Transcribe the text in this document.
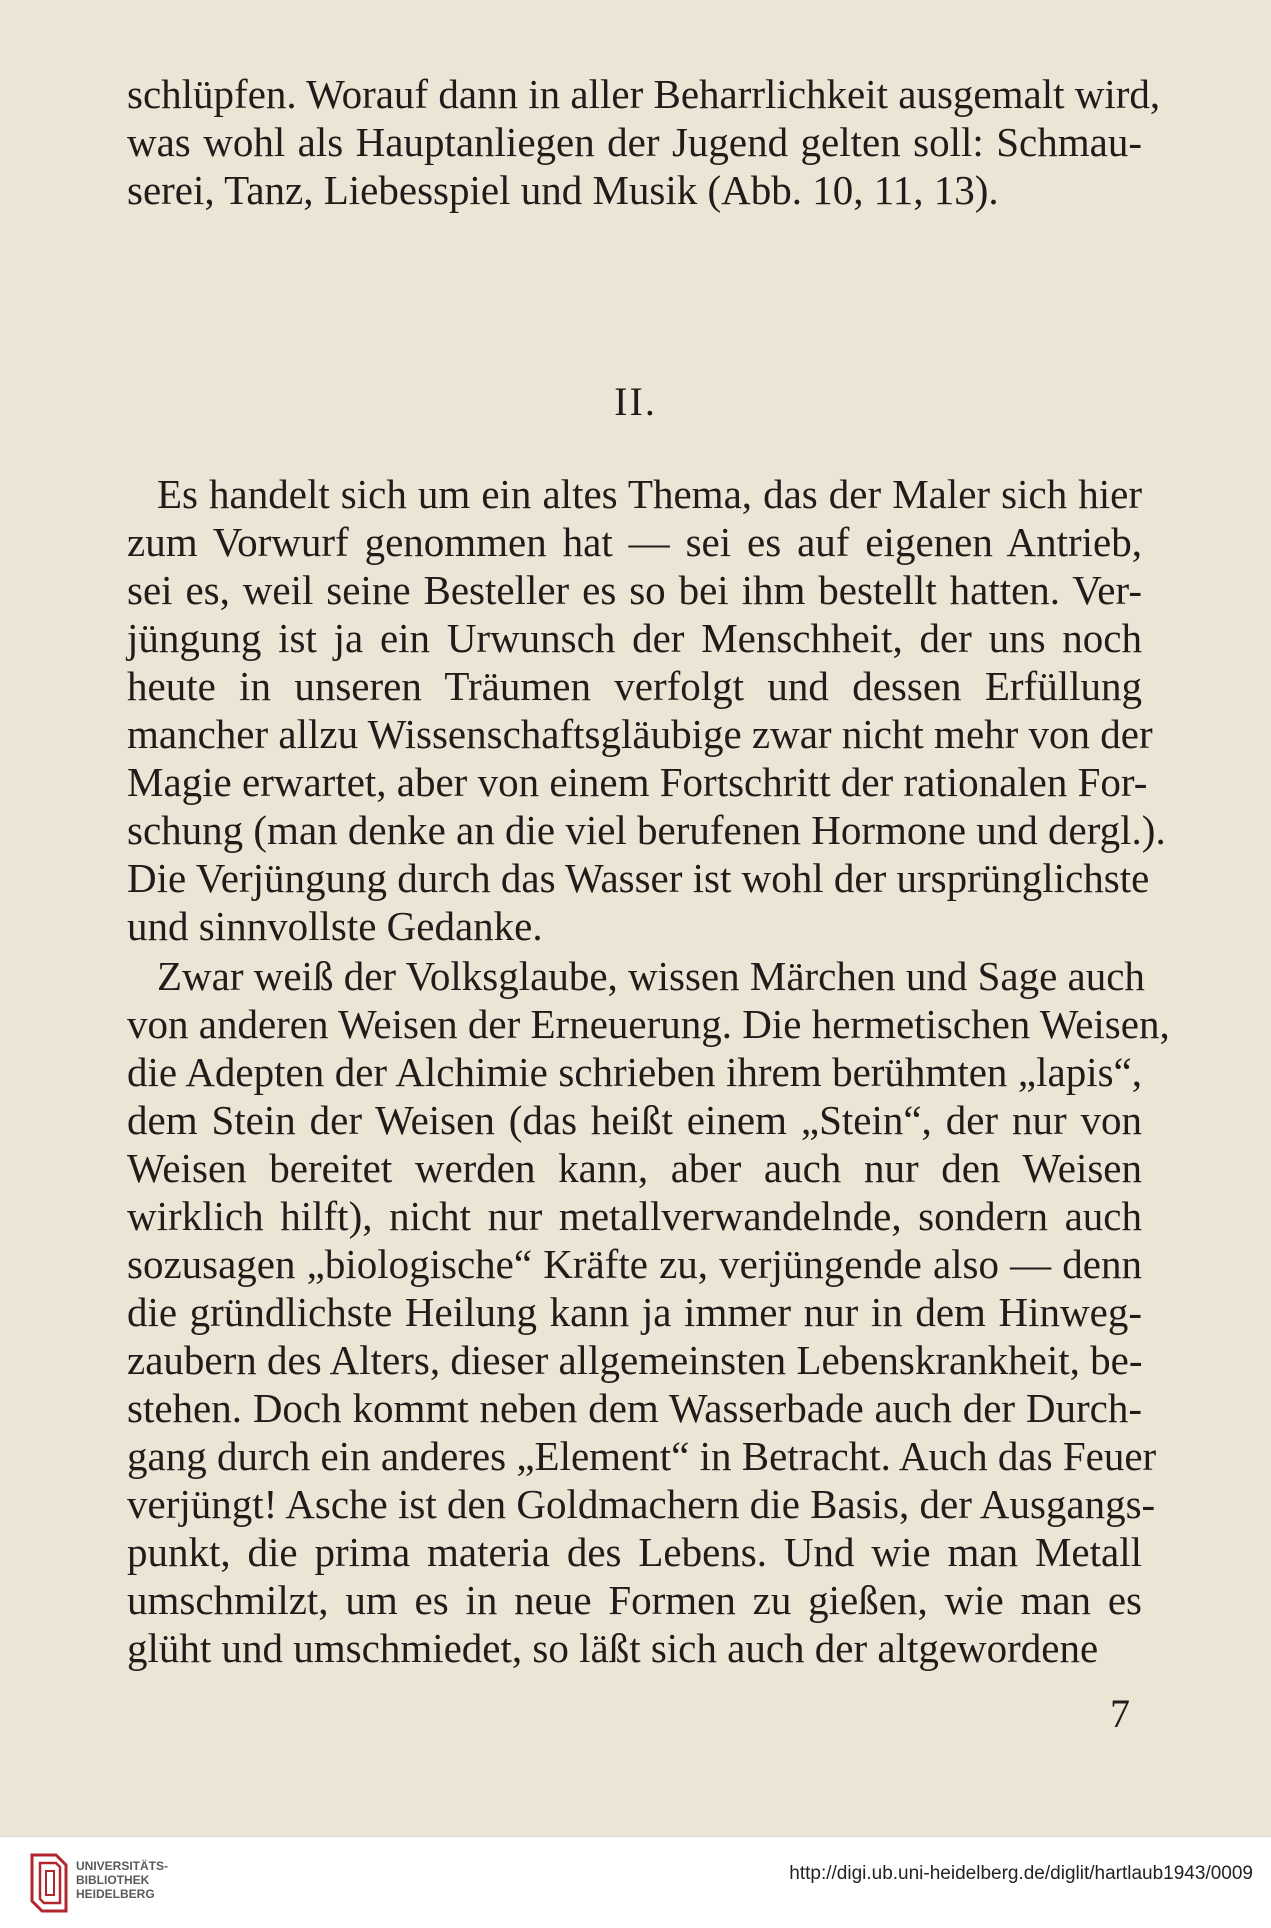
schlüpfen. Worauf dann in aller Beharrlichkeit ausgemalt wird,
was wohl als Hauptanliegen der Jugend gelten soll: Schmau-
serei, Tanz, Liebesspiel und Musik (Abb. 10, 11, 13).
II.
Es handelt sich um ein altes Thema, das der Maler sich hier
zum Vorwurf genommen hat — sei es auf eigenen Antrieb,
sei es, weil seine Besteller es so bei ihm bestellt hatten. Ver-
jüngung ist ja ein Urwunsch der Menschheit, der uns noch
heute in unseren Träumen verfolgt und dessen Erfüllung
mancher allzu Wissenschaftsgläubige zwar nicht mehr von der
Magie erwartet, aber von einem Fortschritt der rationalen For-
schung (man denke an die viel berufenen Hormone und dergl.).
Die Verjüngung durch das Wasser ist wohl der ursprünglichste
und sinnvollste Gedanke.
Zwar weiß der Volksglaube, wissen Märchen und Sage auch
von anderen Weisen der Erneuerung. Die hermetischen Weisen,
die Adepten der Alchimie schrieben ihrem berühmten „lapis“,
dem Stein der Weisen (das heißt einem „Stein“, der nur von
Weisen bereitet werden kann, aber auch nur den Weisen
wirklich hilft), nicht nur metallverwandelnde, sondern auch
sozusagen „biologische“ Kräfte zu, verjüngende also — denn
die gründlichste Heilung kann ja immer nur in dem Hinweg-
zaubern des Alters, dieser allgemeinsten Lebenskrankheit, be-
stehen. Doch kommt neben dem Wasserbade auch der Durch-
gang durch ein anderes „Element“ in Betracht. Auch das Feuer
verjüngt! Asche ist den Goldmachern die Basis, der Ausgangs-
punkt, die prima materia des Lebens. Und wie man Metall
umschmilzt, um es in neue Formen zu gießen, wie man es
glüht und umschmiedet, so läßt sich auch der altgewordene
7
UNIVERSITÄTS-
BIBLIOTHEK
HEIDELBERG
http://digi.ub.uni-heidelberg.de/diglit/hartlaub1943/0009
